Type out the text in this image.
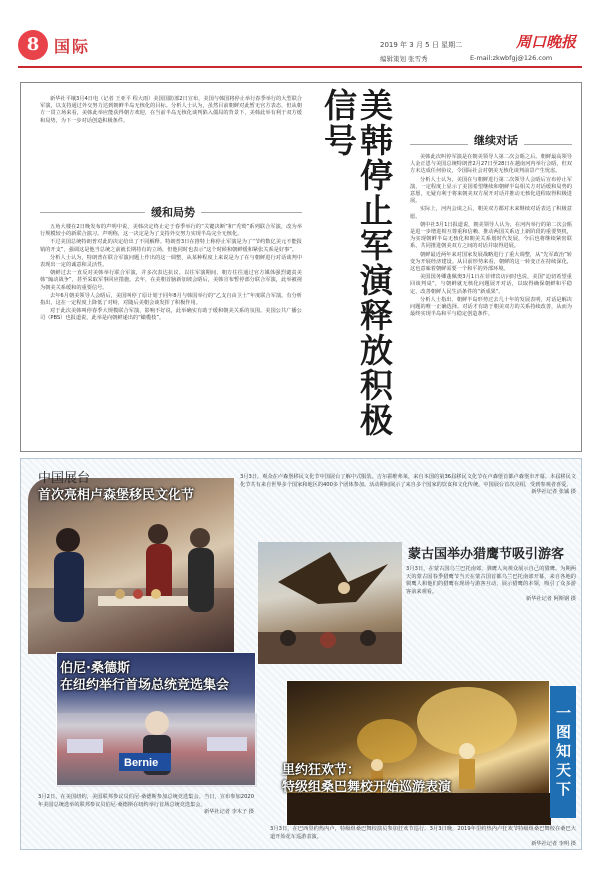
8 国际	2019 年 3 月 5 日 星期二	周口晚报
编辑策划 张雪秀	E-mail:zkwbfgj@126.com

新华社平壤3月4日电（记者 王亚平 程大雨）美国国防部2日宣布，美国与韩国将停止举行春季举行的大型联合军演，以支持通过外交努力达到朝鲜半岛无核化的目标。分析人士认为，虽然目前朝鲜对此暂无官方表态，但从朝方一贯立场来看，美韩此举应能获得朝方欢迎，在当前半岛无核化谈判陷入僵局的背景下，美韩此举有利于双方缓和局势，为下一步对话创造积极条件。

缓和局势

五角大楼在2日晚发布的声明中说，美韩决定终止定于春季举行的“关键决断”和“秃鹫”系列联合军演，改为举行规模较小的新联合演习。声明称，这一决定是为了支持外交努力实现半岛完全无核化。

不过美国总统特朗普对此的决定给出了不同解释。特朗普3日在推特上称停止军演是为了“节约数亿美元不能报销的开支”，强调这是他当总统之前就长期持有的立场，但他同时也表示“这个时候和朝鲜缓和紧张关系是好事”。

分析人士认为，特朗普在联合军演问题上作出的这一调整，从某种程度上来说是为了在与朝鲜进行对话谈判中表现出一定的诚意和灵活性。

朝鲜过去一直反对美韩举行联合军演，并多次表达抗议。以往军演期间，朝方往往通过官方媒体强烈谴责美韩“煽动战争”，甚至采取军事回应措施。去年，在美朝首脑新加坡会晤后，美韩宣布暂停部分联合军演，此举被视为朝美关系缓和的重要信号。

去年6月朝美领导人会晤后，美国叫停了原计划于同年8月与韩国举行的“乙支自由卫士”年度联合军演。有分析指出，这在一定程度上降低了对峙，对随后美朝会谈发挥了积极作用。

对于此次美韩叫停春季大规模联合军演，影响不好说，此举确实有助于缓和朝美关系的氛围。美国公共广播公司（PBS）也报道说，此举是向朝鲜递出的“橄榄枝”。	美韩停止军演释放积极信号	继续对话

美韩此次叫停军演是在朝美领导人第二次会晤之后。朝鲜最高领导人金正恩与美国总统特朗普2月27日至28日在越南河内举行会晤，但双方未达成任何协议，令国际社会对朝美无核化谈判前景产生忧虑。

分析人士认为，美国在与朝鲜进行第二次领导人会晤后宣布停止军演，一定程度上显示了美国希望继续和朝鲜半岛相关方对话缓和局势的意愿，无疑有利于将来朝美双方展开对话并推动无核化进程取得积极进展。

实际上，河内会谈之后，朝美双方都对未来继续对话表达了积极意愿。

朝中社3月1日报道说，朝美领导人认为，在河内举行的第二次会晤是进一步增进相互尊重和信赖、推动两国关系迈上新阶段的重要契机，为实现朝鲜半岛无核化和朝美关系划时代发展，今后也将继续紧密联系，共同推进朝美双方之间的对话并取得进展。

朝鲜最近两年来对国家发展战略进行了重大调整，从“先军政治”转变为开展经济建设。从目前形势来看，朝鲜的这一转变正在持续深化，这也意味着朝鲜需要一个和平的外部环境。

美国国务卿蓬佩奥3月1日在菲律宾访问时也说，美国“迫切希望重回谈判桌”，与朝鲜就无核化问题展开对话，以取得确保朝鲜和平稳定、改善朝鲜人民生活条件的“新成果”。

分析人士指出，朝鲜半岛形势过去几十年的发展表明，对话是解决问题的唯一正确选择。对话才有助于朝美双方的关系持续改善，从而为最终实现半岛和平与稳定创造条件。

中国展台
首次亮相卢森堡移民文化节
3月3日，观众在卢森堡移民文化节中国展台了解中式服装。吉尔霍维弗莱，来自本国的第36届移民文化节在卢森堡首都卢森堡市开幕。本届移民文化节共有来自世界多个国家和地区的400多个团体参加。活动期间展示了来自多个国家的饮食和文化传统，中国展台首次亮相，受到参观者喜爱。
新华社记者 张铖 摄
蒙古国举办猎鹰节吸引游客
3月3日，在蒙古国乌兰巴托南郊，驯鹰人向观众展示自己的猎鹰。为期两天的蒙古国春季猎鹰节当天在蒙古国首都乌兰巴托南郊开幕，来自各地的驯鹰人和他们的猎鹰在现场与游客互动，展示猎鹰的本领，吸引了众多游客前来观看。
新华社记者 阿斯钢 摄
Bernie
伯尼·桑德斯
在纽约举行首场总统竞选集会
3月2日，在美国纽约，美国联邦参议员伯尼·桑德斯参加总统竞选集会。当日，宣布参加2020年美国总统选举的联邦参议员伯尼·桑德斯在纽约举行首场总统竞选集会。
新华社记者 李木子 摄
里约狂欢节：
特级组桑巴舞校开始巡游表演
3月3日，在巴西里约热内卢，特级组桑巴舞校演员参加狂欢节巡行。3月3日晚，2019年里约热内卢狂欢节特级组桑巴舞校在桑巴大道开始花车巡游表演。
新华社记者 李明 摄
一图知天下
